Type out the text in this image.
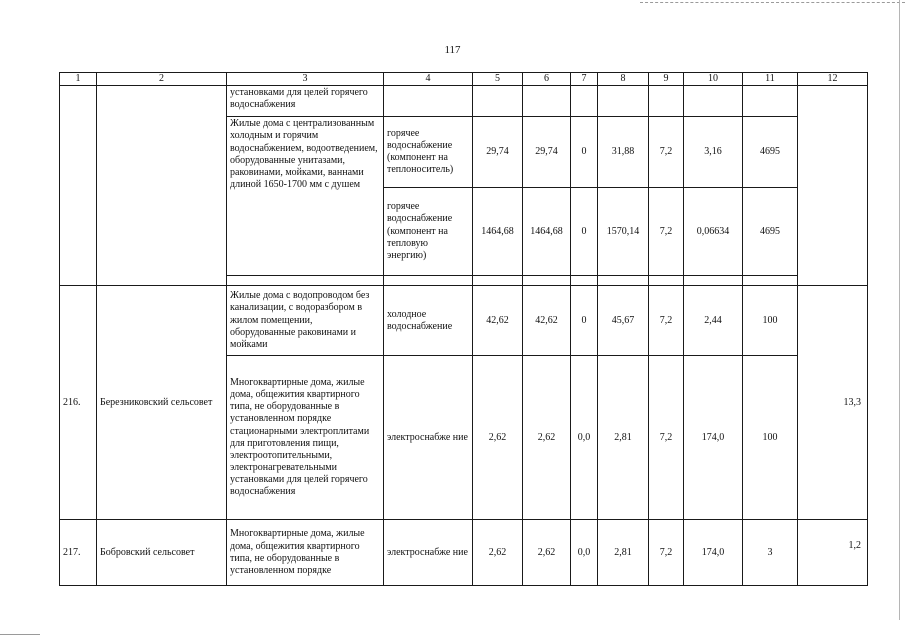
117
1	2	3	4	5	6	7	8	9	10	11	12
		установками для целей горячего водоснабжения									
		Жилые дома с централизованным холодным и горячим водоснабжением, водоотведением, оборудованные унитазами, раковинами, мойками, ваннами длиной 1650-1700 мм с душем	горячее водоснабжение (компонент на теплоноситель)	29,74	29,74	0	31,88	7,2	3,16	4695	
			горячее водоснабжение (компонент на тепловую энергию)	1464,68	1464,68	0	1570,14	7,2	0,06634	4695	

216.	Березниковский сельсовет	Жилые дома с водопроводом без канализации, с водоразбором в жилом помещении, оборудованные раковинами и мойками	холодное водоснабжение	42,62	42,62	0	45,67	7,2	2,44	100	13,3
		Многоквартирные дома, жилые дома, общежития квартирного типа, не оборудованные в установленном порядке стационарными электроплитами для приготовления пищи, электроотопительными, электронагревательными установками для целей горячего водоснабжения	электроснабже ние	2,62	2,62	0,0	2,81	7,2	174,0	100	
217.	Бобровский сельсовет	Многоквартирные дома, жилые дома, общежития квартирного типа, не оборудованные в установленном порядке	электроснабже ние	2,62	2,62	0,0	2,81	7,2	174,0	3	1,2
